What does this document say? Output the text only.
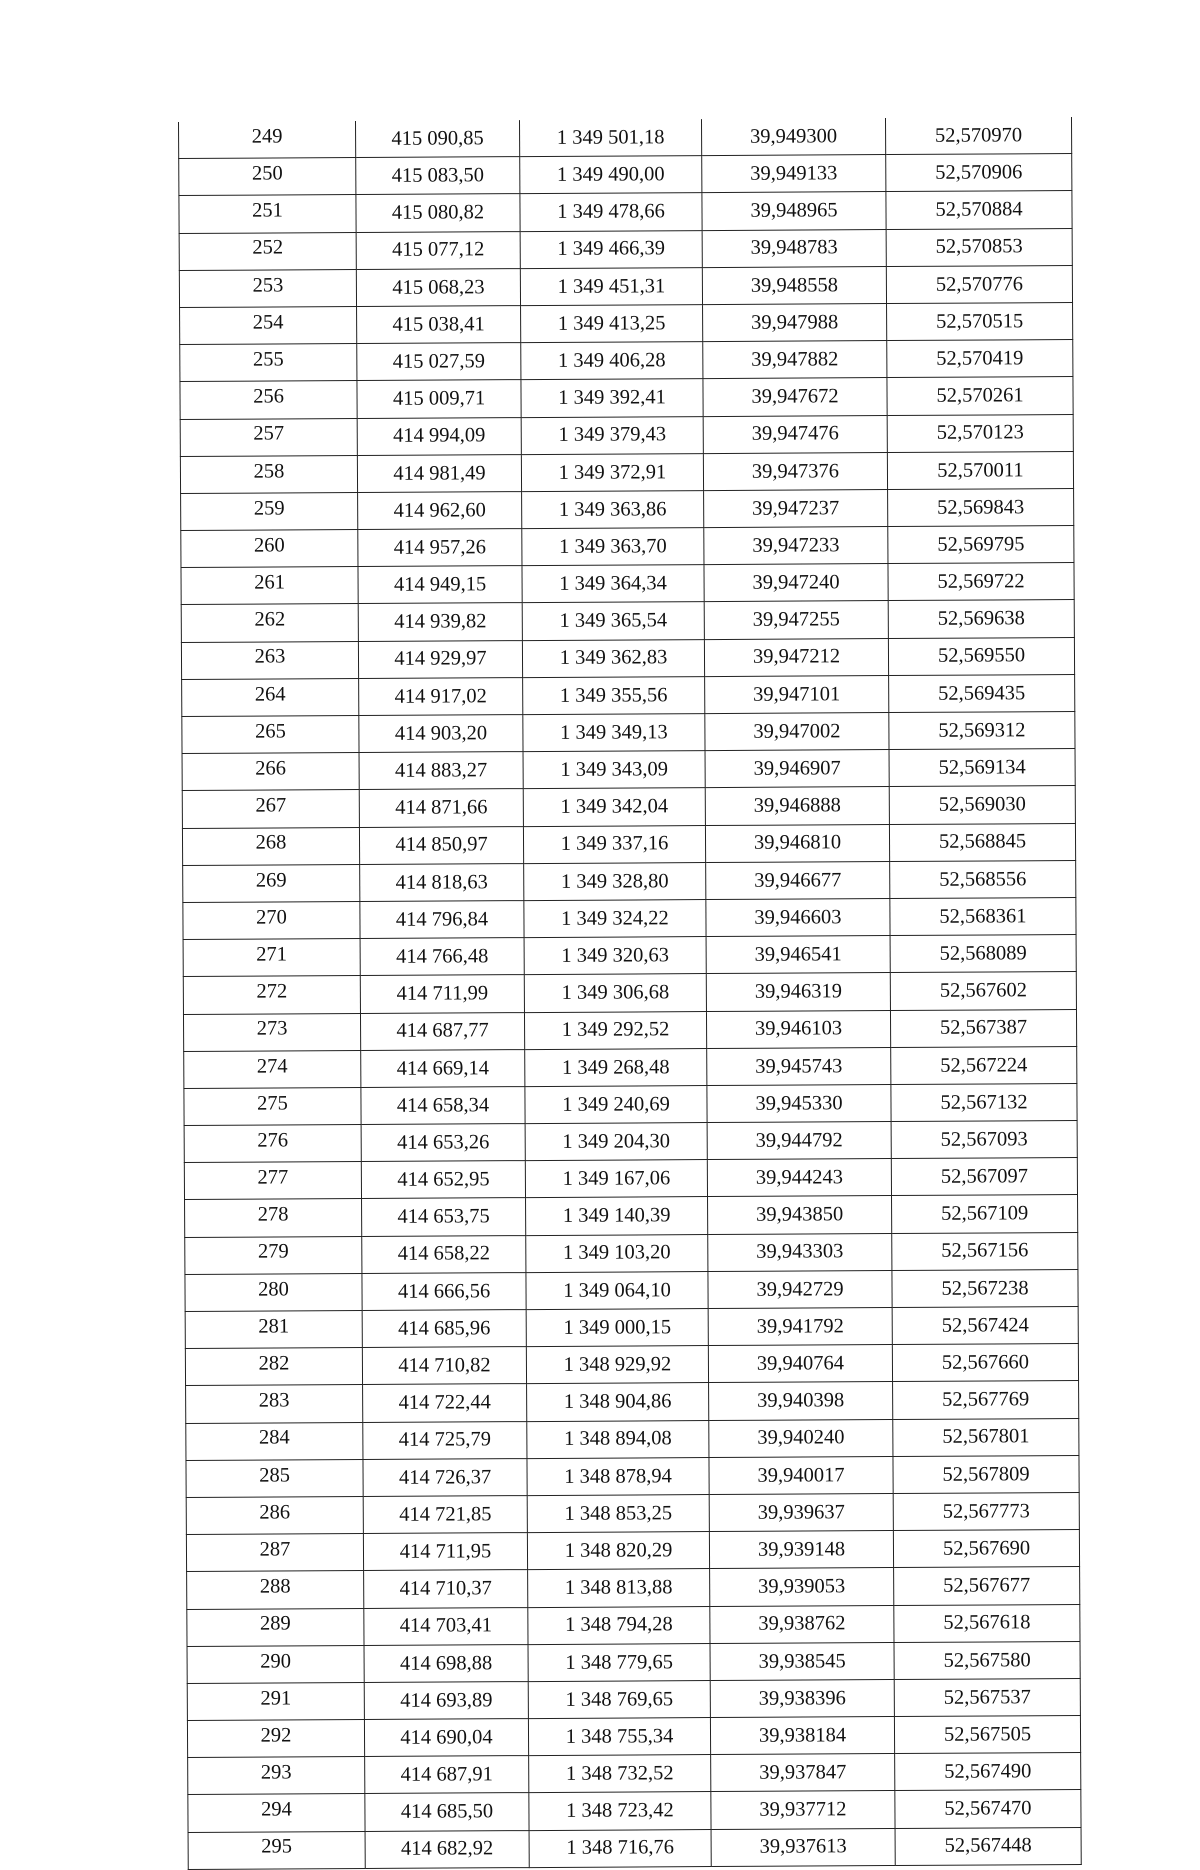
249	415 090,85	1 349 501,18	39,949300	52,570970
250	415 083,50	1 349 490,00	39,949133	52,570906
251	415 080,82	1 349 478,66	39,948965	52,570884
252	415 077,12	1 349 466,39	39,948783	52,570853
253	415 068,23	1 349 451,31	39,948558	52,570776
254	415 038,41	1 349 413,25	39,947988	52,570515
255	415 027,59	1 349 406,28	39,947882	52,570419
256	415 009,71	1 349 392,41	39,947672	52,570261
257	414 994,09	1 349 379,43	39,947476	52,570123
258	414 981,49	1 349 372,91	39,947376	52,570011
259	414 962,60	1 349 363,86	39,947237	52,569843
260	414 957,26	1 349 363,70	39,947233	52,569795
261	414 949,15	1 349 364,34	39,947240	52,569722
262	414 939,82	1 349 365,54	39,947255	52,569638
263	414 929,97	1 349 362,83	39,947212	52,569550
264	414 917,02	1 349 355,56	39,947101	52,569435
265	414 903,20	1 349 349,13	39,947002	52,569312
266	414 883,27	1 349 343,09	39,946907	52,569134
267	414 871,66	1 349 342,04	39,946888	52,569030
268	414 850,97	1 349 337,16	39,946810	52,568845
269	414 818,63	1 349 328,80	39,946677	52,568556
270	414 796,84	1 349 324,22	39,946603	52,568361
271	414 766,48	1 349 320,63	39,946541	52,568089
272	414 711,99	1 349 306,68	39,946319	52,567602
273	414 687,77	1 349 292,52	39,946103	52,567387
274	414 669,14	1 349 268,48	39,945743	52,567224
275	414 658,34	1 349 240,69	39,945330	52,567132
276	414 653,26	1 349 204,30	39,944792	52,567093
277	414 652,95	1 349 167,06	39,944243	52,567097
278	414 653,75	1 349 140,39	39,943850	52,567109
279	414 658,22	1 349 103,20	39,943303	52,567156
280	414 666,56	1 349 064,10	39,942729	52,567238
281	414 685,96	1 349 000,15	39,941792	52,567424
282	414 710,82	1 348 929,92	39,940764	52,567660
283	414 722,44	1 348 904,86	39,940398	52,567769
284	414 725,79	1 348 894,08	39,940240	52,567801
285	414 726,37	1 348 878,94	39,940017	52,567809
286	414 721,85	1 348 853,25	39,939637	52,567773
287	414 711,95	1 348 820,29	39,939148	52,567690
288	414 710,37	1 348 813,88	39,939053	52,567677
289	414 703,41	1 348 794,28	39,938762	52,567618
290	414 698,88	1 348 779,65	39,938545	52,567580
291	414 693,89	1 348 769,65	39,938396	52,567537
292	414 690,04	1 348 755,34	39,938184	52,567505
293	414 687,91	1 348 732,52	39,937847	52,567490
294	414 685,50	1 348 723,42	39,937712	52,567470
295	414 682,92	1 348 716,76	39,937613	52,567448
